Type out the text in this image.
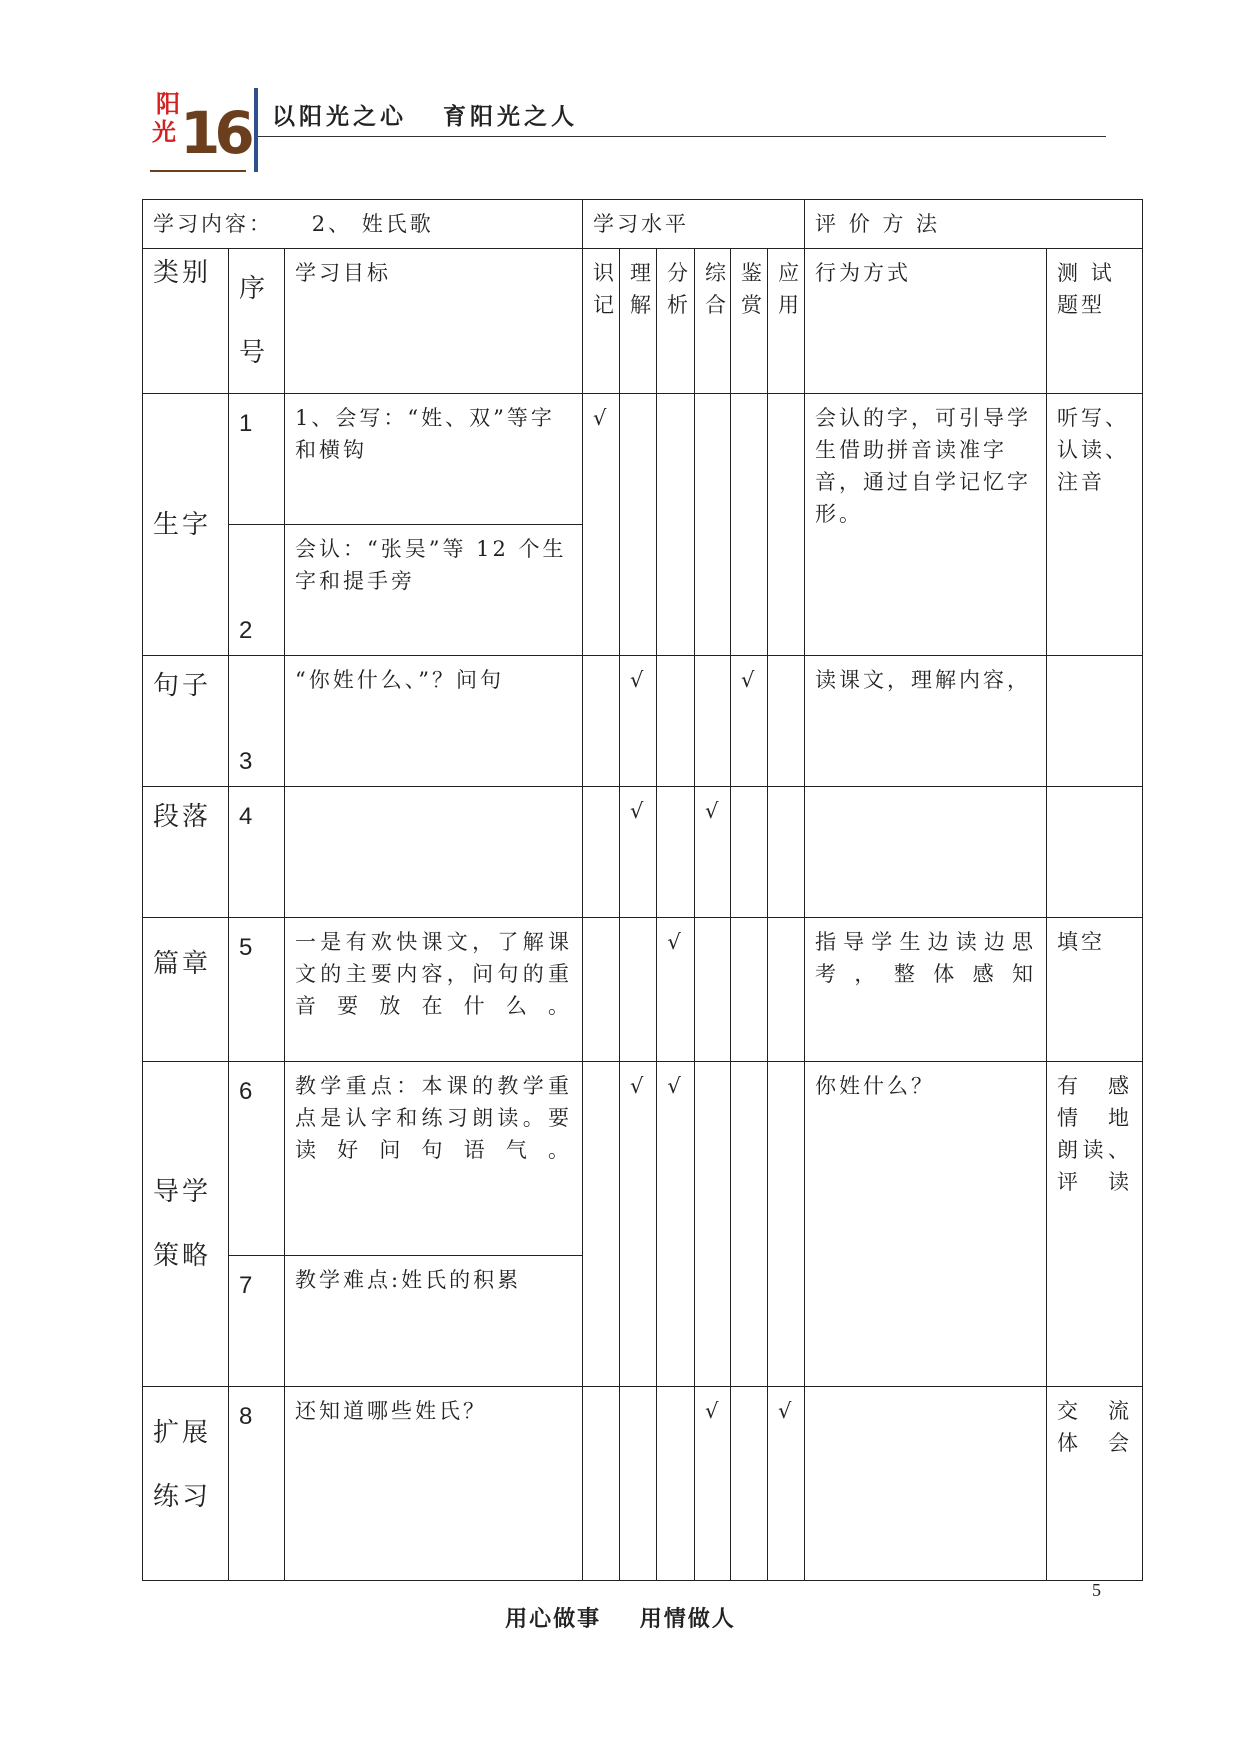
阳
光 16 以阳光之心   育阳光之人
学习内容： 2、 姓氏歌			学习水平						评 价 方 法	
类别	序号	学习目标	识记	理解	分析	综合	鉴赏	应用	行为方式	测 试 题型
生字	1	1、会写：“姓、双”等字和横钩	√						会认的字，可引导学生借助拼音读准字音，通过自学记忆字形。	听写、认读、注音
	2	会认：“张吴”等 12 个生字和提手旁								
句子	3	“你姓什么、”？问句		√			√		读课文，理解内容，	
段落	4			√		√				
篇章	5	一是有欢快课文，了解课文的主要内容，问句的重音要放在什么。			√				指导学生边读边思考，整体感知	填空
导学策略	6	教学重点：本课的教学重点是认字和练习朗读。要读好问句语气。		√	√				你姓什么？	有 感 情 地 朗读、评读
	7	教学难点:姓氏的积累								
扩展练习	8	还知道哪些姓氏？				√		√		交 流 体会
5
用心做事    用情做人
